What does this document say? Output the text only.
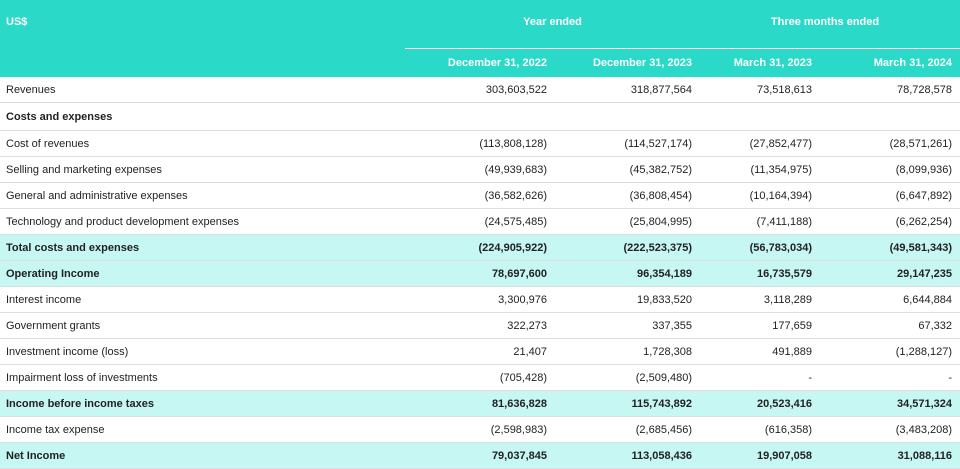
US$	Year ended		Three months ended	

	December 31, 2022	December 31, 2023	March 31, 2023	March 31, 2024
Revenues	303,603,522	318,877,564	73,518,613	78,728,578
Costs and expenses				
Cost of revenues	(113,808,128)	(114,527,174)	(27,852,477)	(28,571,261)
Selling and marketing expenses	(49,939,683)	(45,382,752)	(11,354,975)	(8,099,936)
General and administrative expenses	(36,582,626)	(36,808,454)	(10,164,394)	(6,647,892)
Technology and product development expenses	(24,575,485)	(25,804,995)	(7,411,188)	(6,262,254)
Total costs and expenses	(224,905,922)	(222,523,375)	(56,783,034)	(49,581,343)
Operating Income	78,697,600	96,354,189	16,735,579	29,147,235
Interest income	3,300,976	19,833,520	3,118,289	6,644,884
Government grants	322,273	337,355	177,659	67,332
Investment income (loss)	21,407	1,728,308	491,889	(1,288,127)
Impairment loss of investments	(705,428)	(2,509,480)	-	-
Income before income taxes	81,636,828	115,743,892	20,523,416	34,571,324
Income tax expense	(2,598,983)	(2,685,456)	(616,358)	(3,483,208)
Net Income	79,037,845	113,058,436	19,907,058	31,088,116
